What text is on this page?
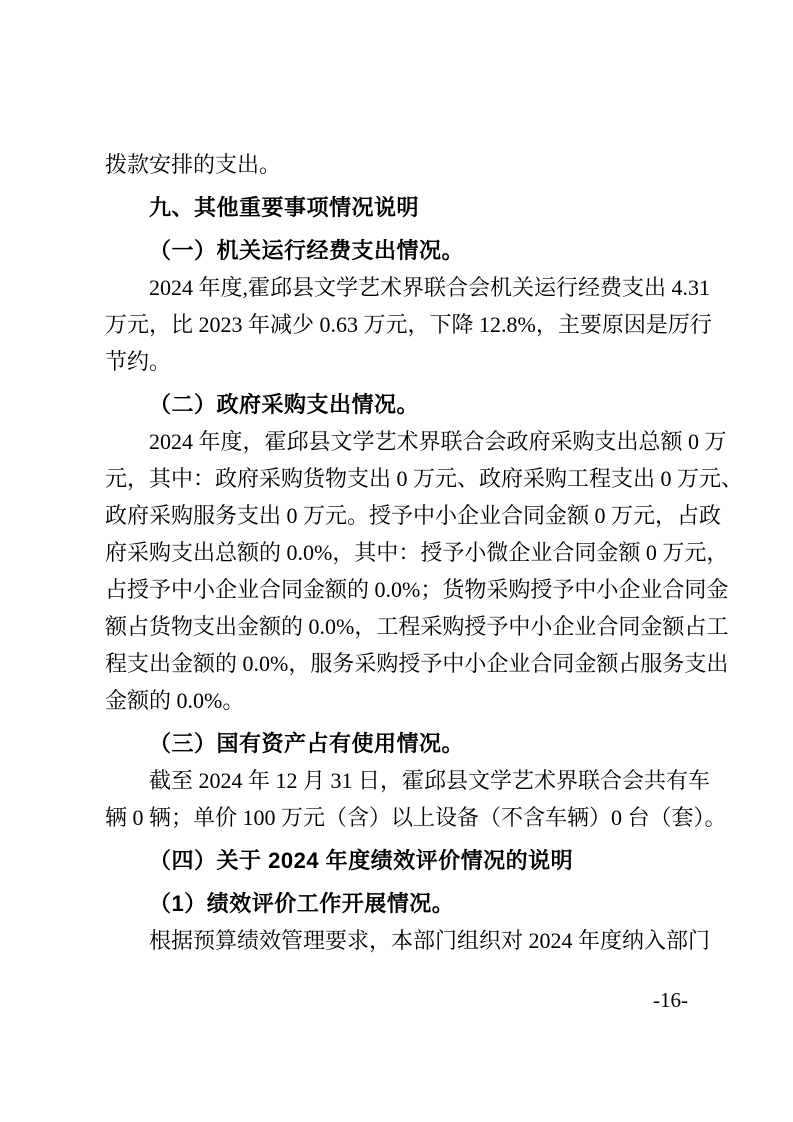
拨款安排的支出。
九、其他重要事项情况说明
（一）机关运行经费支出情况。
2024 年度,霍邱县文学艺术界联合会机关运行经费支出 4.31
万元，比 2023 年减少 0.63 万元，下降 12.8%，主要原因是厉行
节约。
（二）政府采购支出情况。
2024 年度，霍邱县文学艺术界联合会政府采购支出总额 0 万
元，其中：政府采购货物支出 0 万元、政府采购工程支出 0 万元、
政府采购服务支出 0 万元。授予中小企业合同金额 0 万元，占政
府采购支出总额的 0.0%，其中：授予小微企业合同金额 0 万元，
占授予中小企业合同金额的 0.0%；货物采购授予中小企业合同金
额占货物支出金额的 0.0%，工程采购授予中小企业合同金额占工
程支出金额的 0.0%，服务采购授予中小企业合同金额占服务支出
金额的 0.0%。
（三）国有资产占有使用情况。
截至 2024 年 12 月 31 日，霍邱县文学艺术界联合会共有车
辆 0 辆；单价 100 万元（含）以上设备（不含车辆）0 台（套）。
（四）关于 2024 年度绩效评价情况的说明
（1）绩效评价工作开展情况。
根据预算绩效管理要求，本部门组织对 2024 年度纳入部门
-16-
